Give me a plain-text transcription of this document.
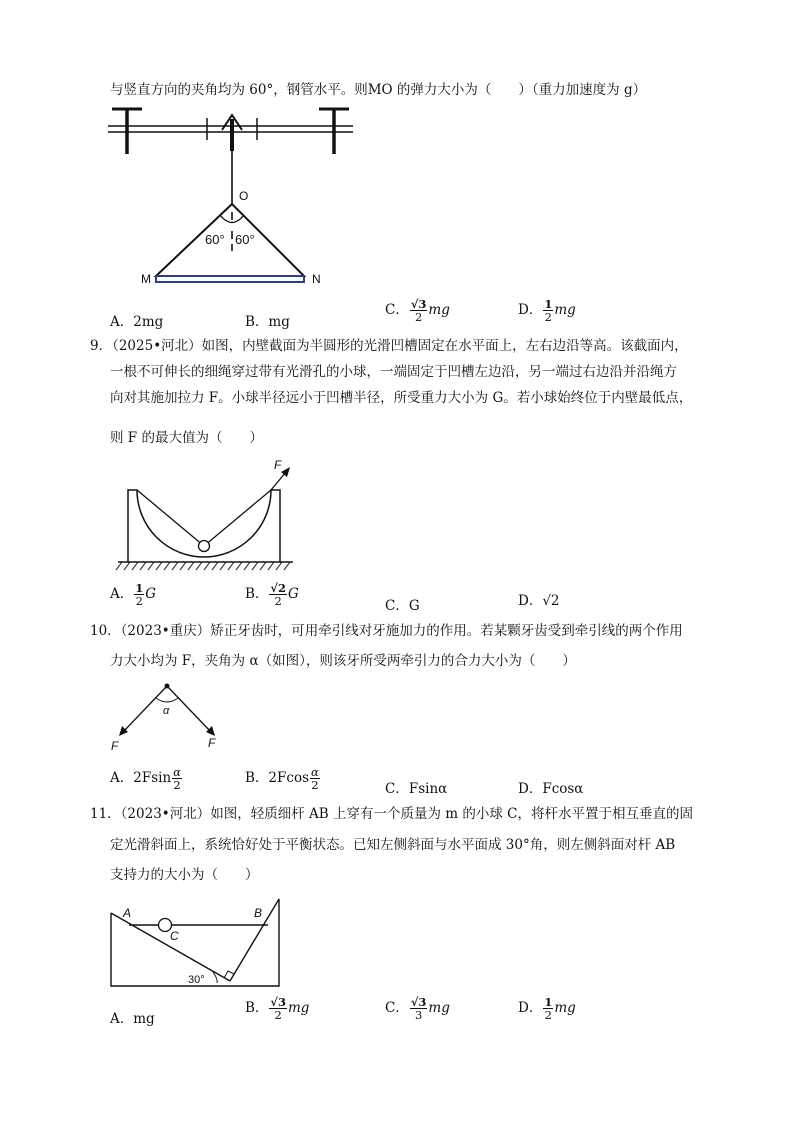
与竖直方向的夹角均为 60°，钢管水平。则MO 的弹力大小为（　　）（重力加速度为 g）
O
60° 60°
M	N
A．2mg	B．mg
C． $\frac{√3}{2}$ mg	D． $\frac{1}{2}$ mg
9．（2025•河北）如图，内壁截面为半圆形的光滑凹槽固定在水平面上，左右边沿等高。该截面内，
一根不可伸长的细绳穿过带有光滑孔的小球，一端固定于凹槽左边沿，另一端过右边沿并沿绳方
向对其施加拉力 F。小球半径远小于凹槽半径，所受重力大小为 G。若小球始终位于内壁最低点，
则 F 的最大值为（　　）
F
A． $\frac{1}{2}$ G	B． $\frac{√2}{2}$ G
C．G	D．√2
10．（2023•重庆）矫正牙齿时，可用牵引线对牙施加力的作用。若某颗牙齿受到牵引线的两个作用
力大小均为 F，夹角为 α（如图），则该牙所受两牵引力的合力大小为（　　）
α
F	F
A．$2Fsin \frac{\alpha}{2}$	B．$2Fcos \frac{\alpha}{2}$	C．Fsinα	D．Fcosα
11．（2023•河北）如图，轻质细杆 AB 上穿有一个质量为 m 的小球 C，将杆水平置于相互垂直的固
定光滑斜面上，系统恰好处于平衡状态。已知左侧斜面与水平面成 30°角，则左侧斜面对杆 AB
支持力的大小为（　　）
A	B
C
30°
A．mg
B． $\frac{√3}{2}$ mg	C． $\frac{√3}{3}$ mg	D． $\frac{1}{2}$ mg
